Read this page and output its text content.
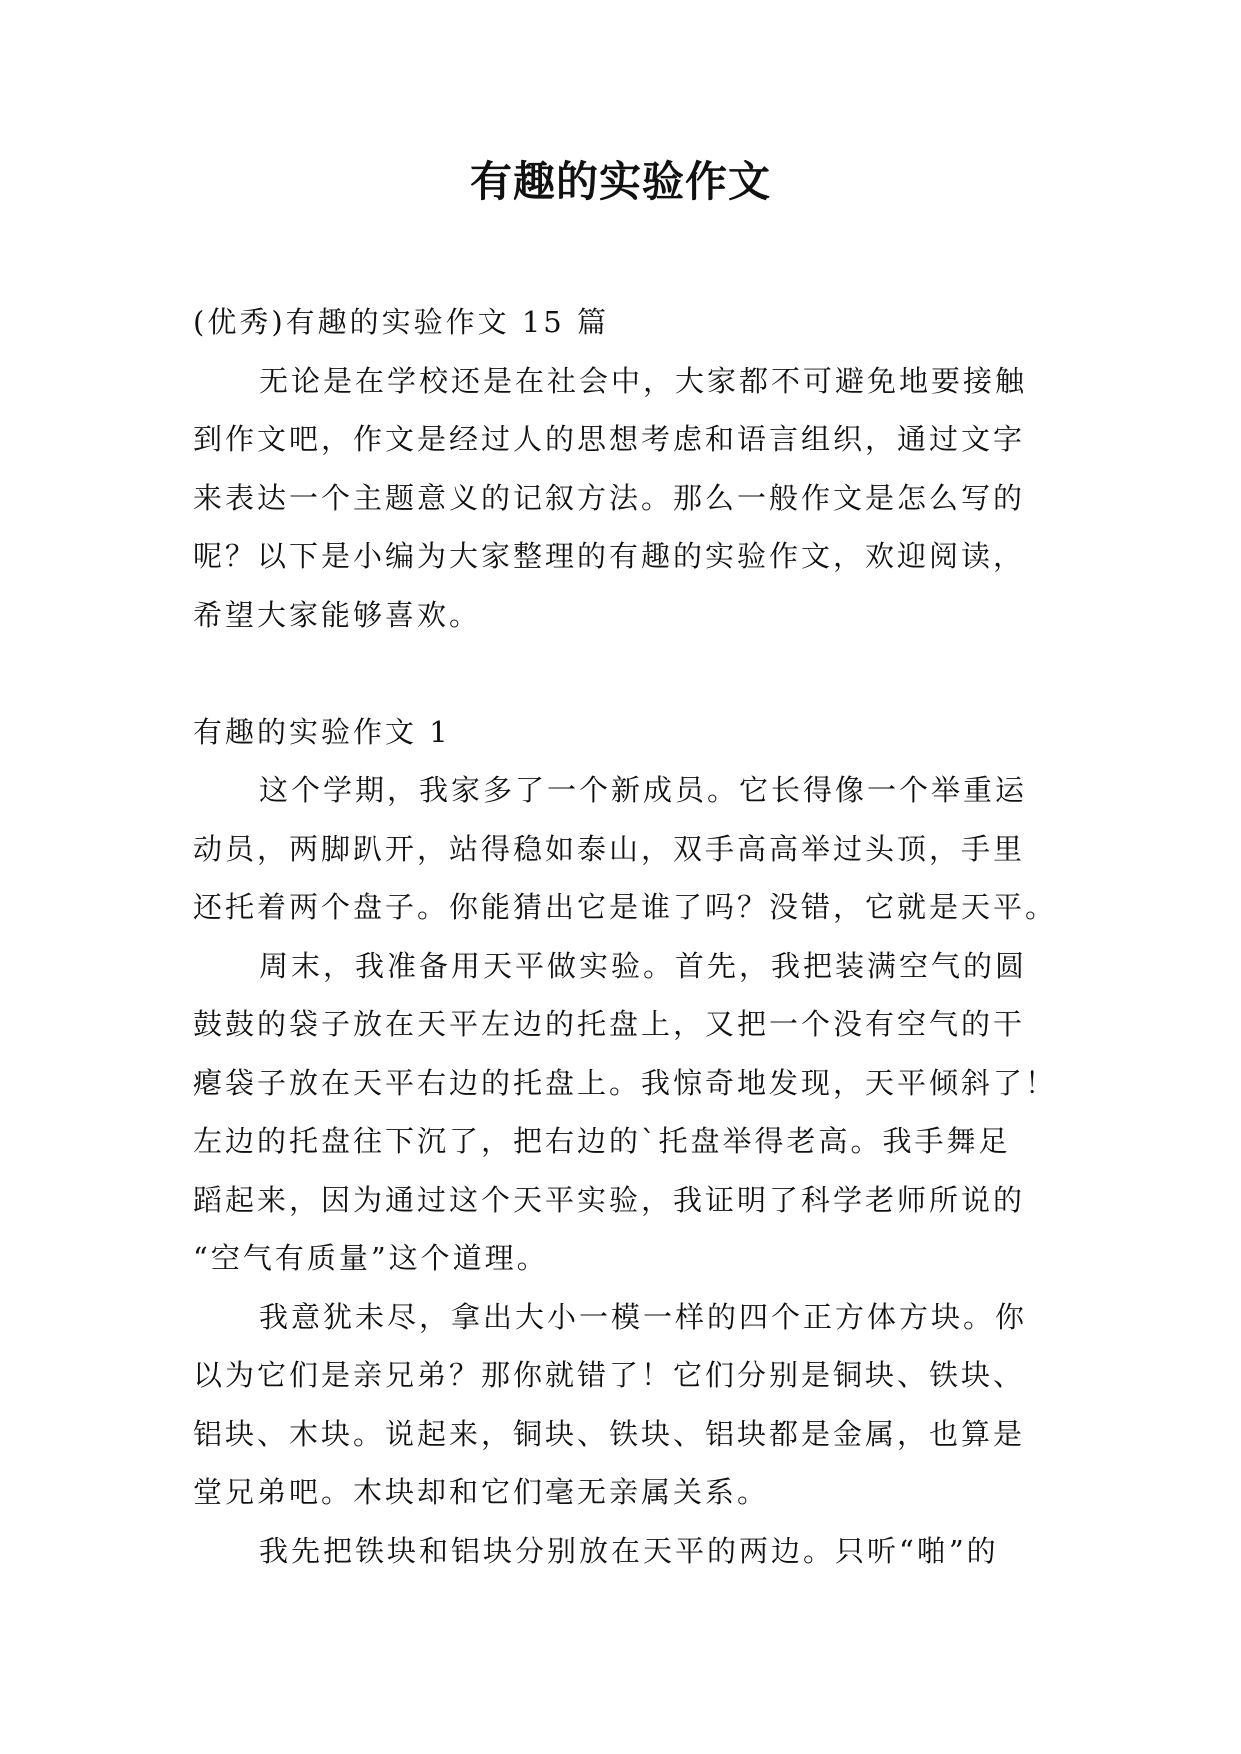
有趣的实验作文
(优秀)有趣的实验作文 15 篇
无论是在学校还是在社会中，大家都不可避免地要接触
到作文吧，作文是经过人的思想考虑和语言组织，通过文字
来表达一个主题意义的记叙方法。那么一般作文是怎么写的
呢？以下是小编为大家整理的有趣的实验作文，欢迎阅读，
希望大家能够喜欢。
有趣的实验作文 1
这个学期，我家多了一个新成员。它长得像一个举重运
动员，两脚趴开，站得稳如泰山，双手高高举过头顶，手里
还托着两个盘子。你能猜出它是谁了吗？没错，它就是天平。
周末，我准备用天平做实验。首先，我把装满空气的圆
鼓鼓的袋子放在天平左边的托盘上，又把一个没有空气的干
瘪袋子放在天平右边的托盘上。我惊奇地发现，天平倾斜了！
左边的托盘往下沉了，把右边的`托盘举得老高。我手舞足
蹈起来，因为通过这个天平实验，我证明了科学老师所说的
“空气有质量”这个道理。
我意犹未尽，拿出大小一模一样的四个正方体方块。你
以为它们是亲兄弟？那你就错了！它们分别是铜块、铁块、
铝块、木块。说起来，铜块、铁块、铝块都是金属，也算是
堂兄弟吧。木块却和它们毫无亲属关系。
我先把铁块和铝块分别放在天平的两边。只听“啪”的
